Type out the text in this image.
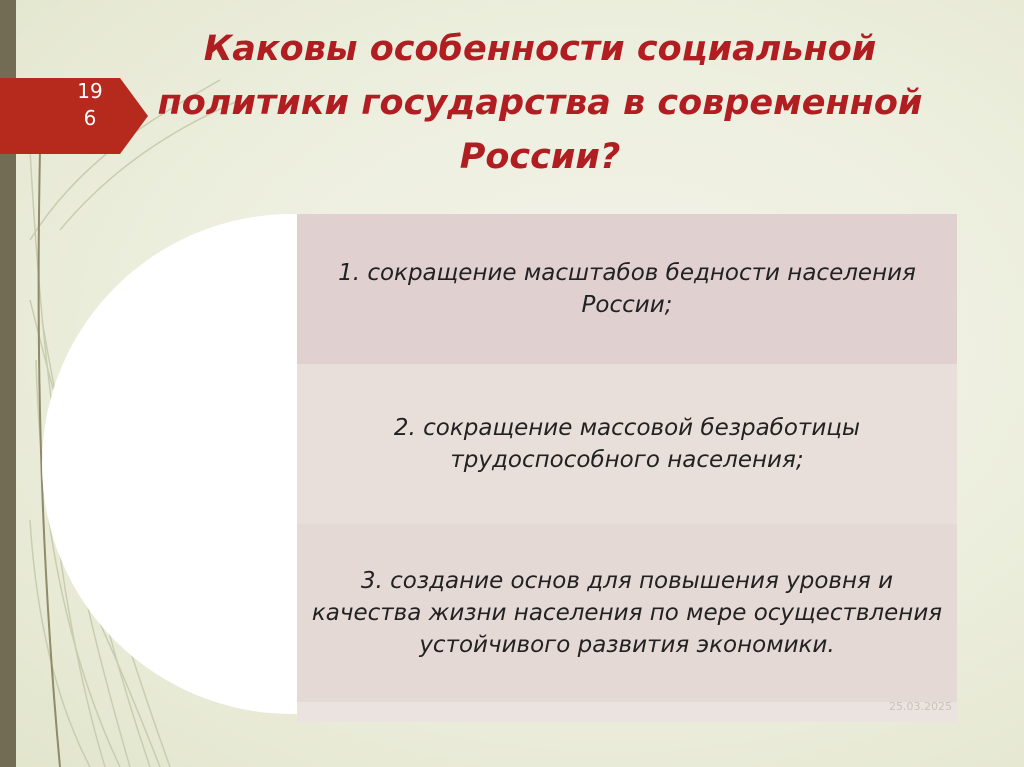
19
6
Каковы особенности социальной политики государства в современной России?
1. сокращение масштабов бедности населения России;
2. сокращение массовой безработицы трудоспособного населения;
3. создание основ для повышения уровня и качества жизни населения по мере осуществления устойчивого развития экономики.
25.03.2025
